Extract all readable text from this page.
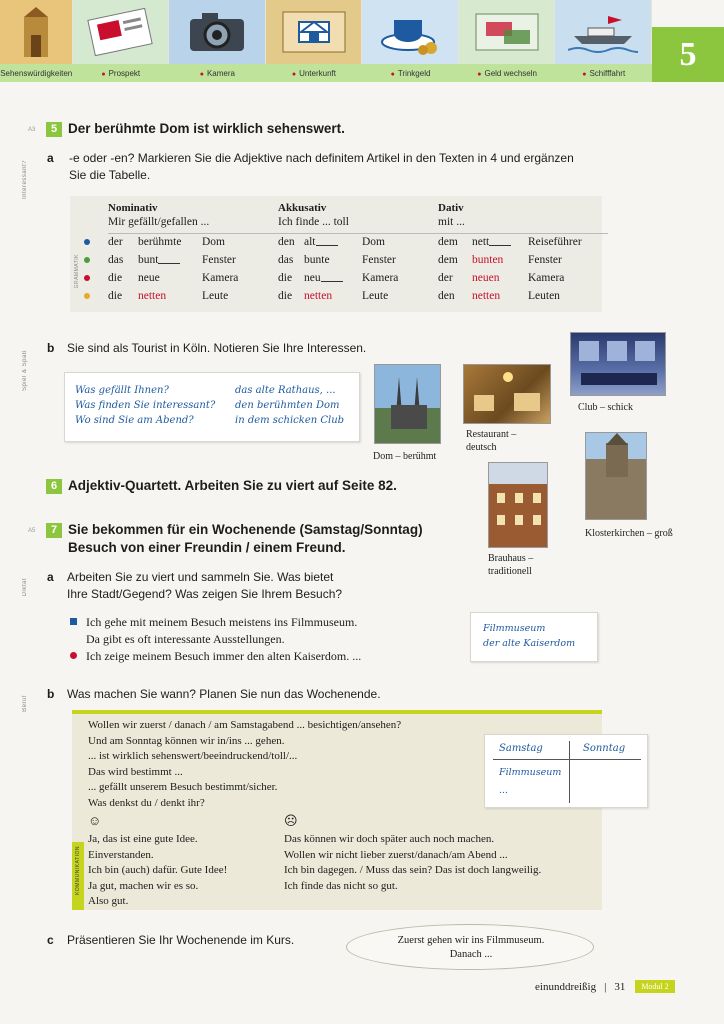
Sehenswürdigkeiten	● Prospekt	● Kamera	● Unterkunft	● Trinkgeld	● Geld wechseln	● Schifffahrt
5
A3	5 Der berühmte Dom ist wirklich sehenswert.
Interessant?
a -e oder -en? Markieren Sie die Adjektive nach definitem Artikel in den Texten in 4 und ergänzen Sie die Tabelle.
GRAMMATIK
	Nominativ			Akkusativ			Dativ		
	Mir gefällt/gefallen ...			Ich finde ... toll			mit ...		
	der	berühmte	Dom	den	alt	Dom	dem	nett	Reiseführer
	das	bunt	Fenster	das	bunte	Fenster	dem	bunten	Fenster
	die	neue	Kamera	die	neu	Kamera	der	neuen	Kamera
	die	netten	Leute	die	netten	Leute	den	netten	Leuten
Spiel & Spaß
b Sie sind als Tourist in Köln. Notieren Sie Ihre Interessen.
Was gefällt Ihnen?
Was finden Sie interessant?
Wo sind Sie am Abend?
das alte Rathaus, ...
den berühmten Dom
in dem schicken Club
Dom – berühmt
Restaurant – deutsch
Club – schick
6 Adjektiv-Quartett. Arbeiten Sie zu viert auf Seite 82.
Brauhaus – traditionell
Klosterkirchen – groß
A5	7 Sie bekommen für ein Wochenende (Samstag/Sonntag)
Besuch von einer Freundin / einem Freund.
Diktat
a Arbeiten Sie zu viert und sammeln Sie. Was bietet
Ihre Stadt/Gegend? Was zeigen Sie Ihrem Besuch?
Ich gehe mit meinem Besuch meistens ins Filmmuseum.
Da gibt es oft interessante Ausstellungen.
Ich zeige meinem Besuch immer den alten Kaiserdom. ...
Filmmuseum
der alte Kaiserdom
Beruf
b Was machen Sie wann? Planen Sie nun das Wochenende.
KOMMUNIKATION
Wollen wir zuerst / danach / am Samstagabend ... besichtigen/ansehen?
Und am Sonntag können wir in/ins ... gehen.
... ist wirklich sehenswert/beeindruckend/toll/...
Das wird bestimmt ...
... gefällt unserem Besuch bestimmt/sicher.
Was denkst du / denkt ihr?
☺	☹
Ja, das ist eine gute Idee.
Einverstanden.
Ich bin (auch) dafür. Gute Idee!
Ja gut, machen wir es so.
Also gut.
Das können wir doch später auch noch machen.
Wollen wir nicht lieber zuerst/danach/am Abend ...
Ich bin dagegen. / Muss das sein? Das ist doch langweilig.
Ich finde das nicht so gut.
Samstag	Sonntag
Filmmuseum
...
c Präsentieren Sie Ihr Wochenende im Kurs.	Zuerst gehen wir ins Filmmuseum.
Danach ...
einunddreißig | 31	Modul 2
